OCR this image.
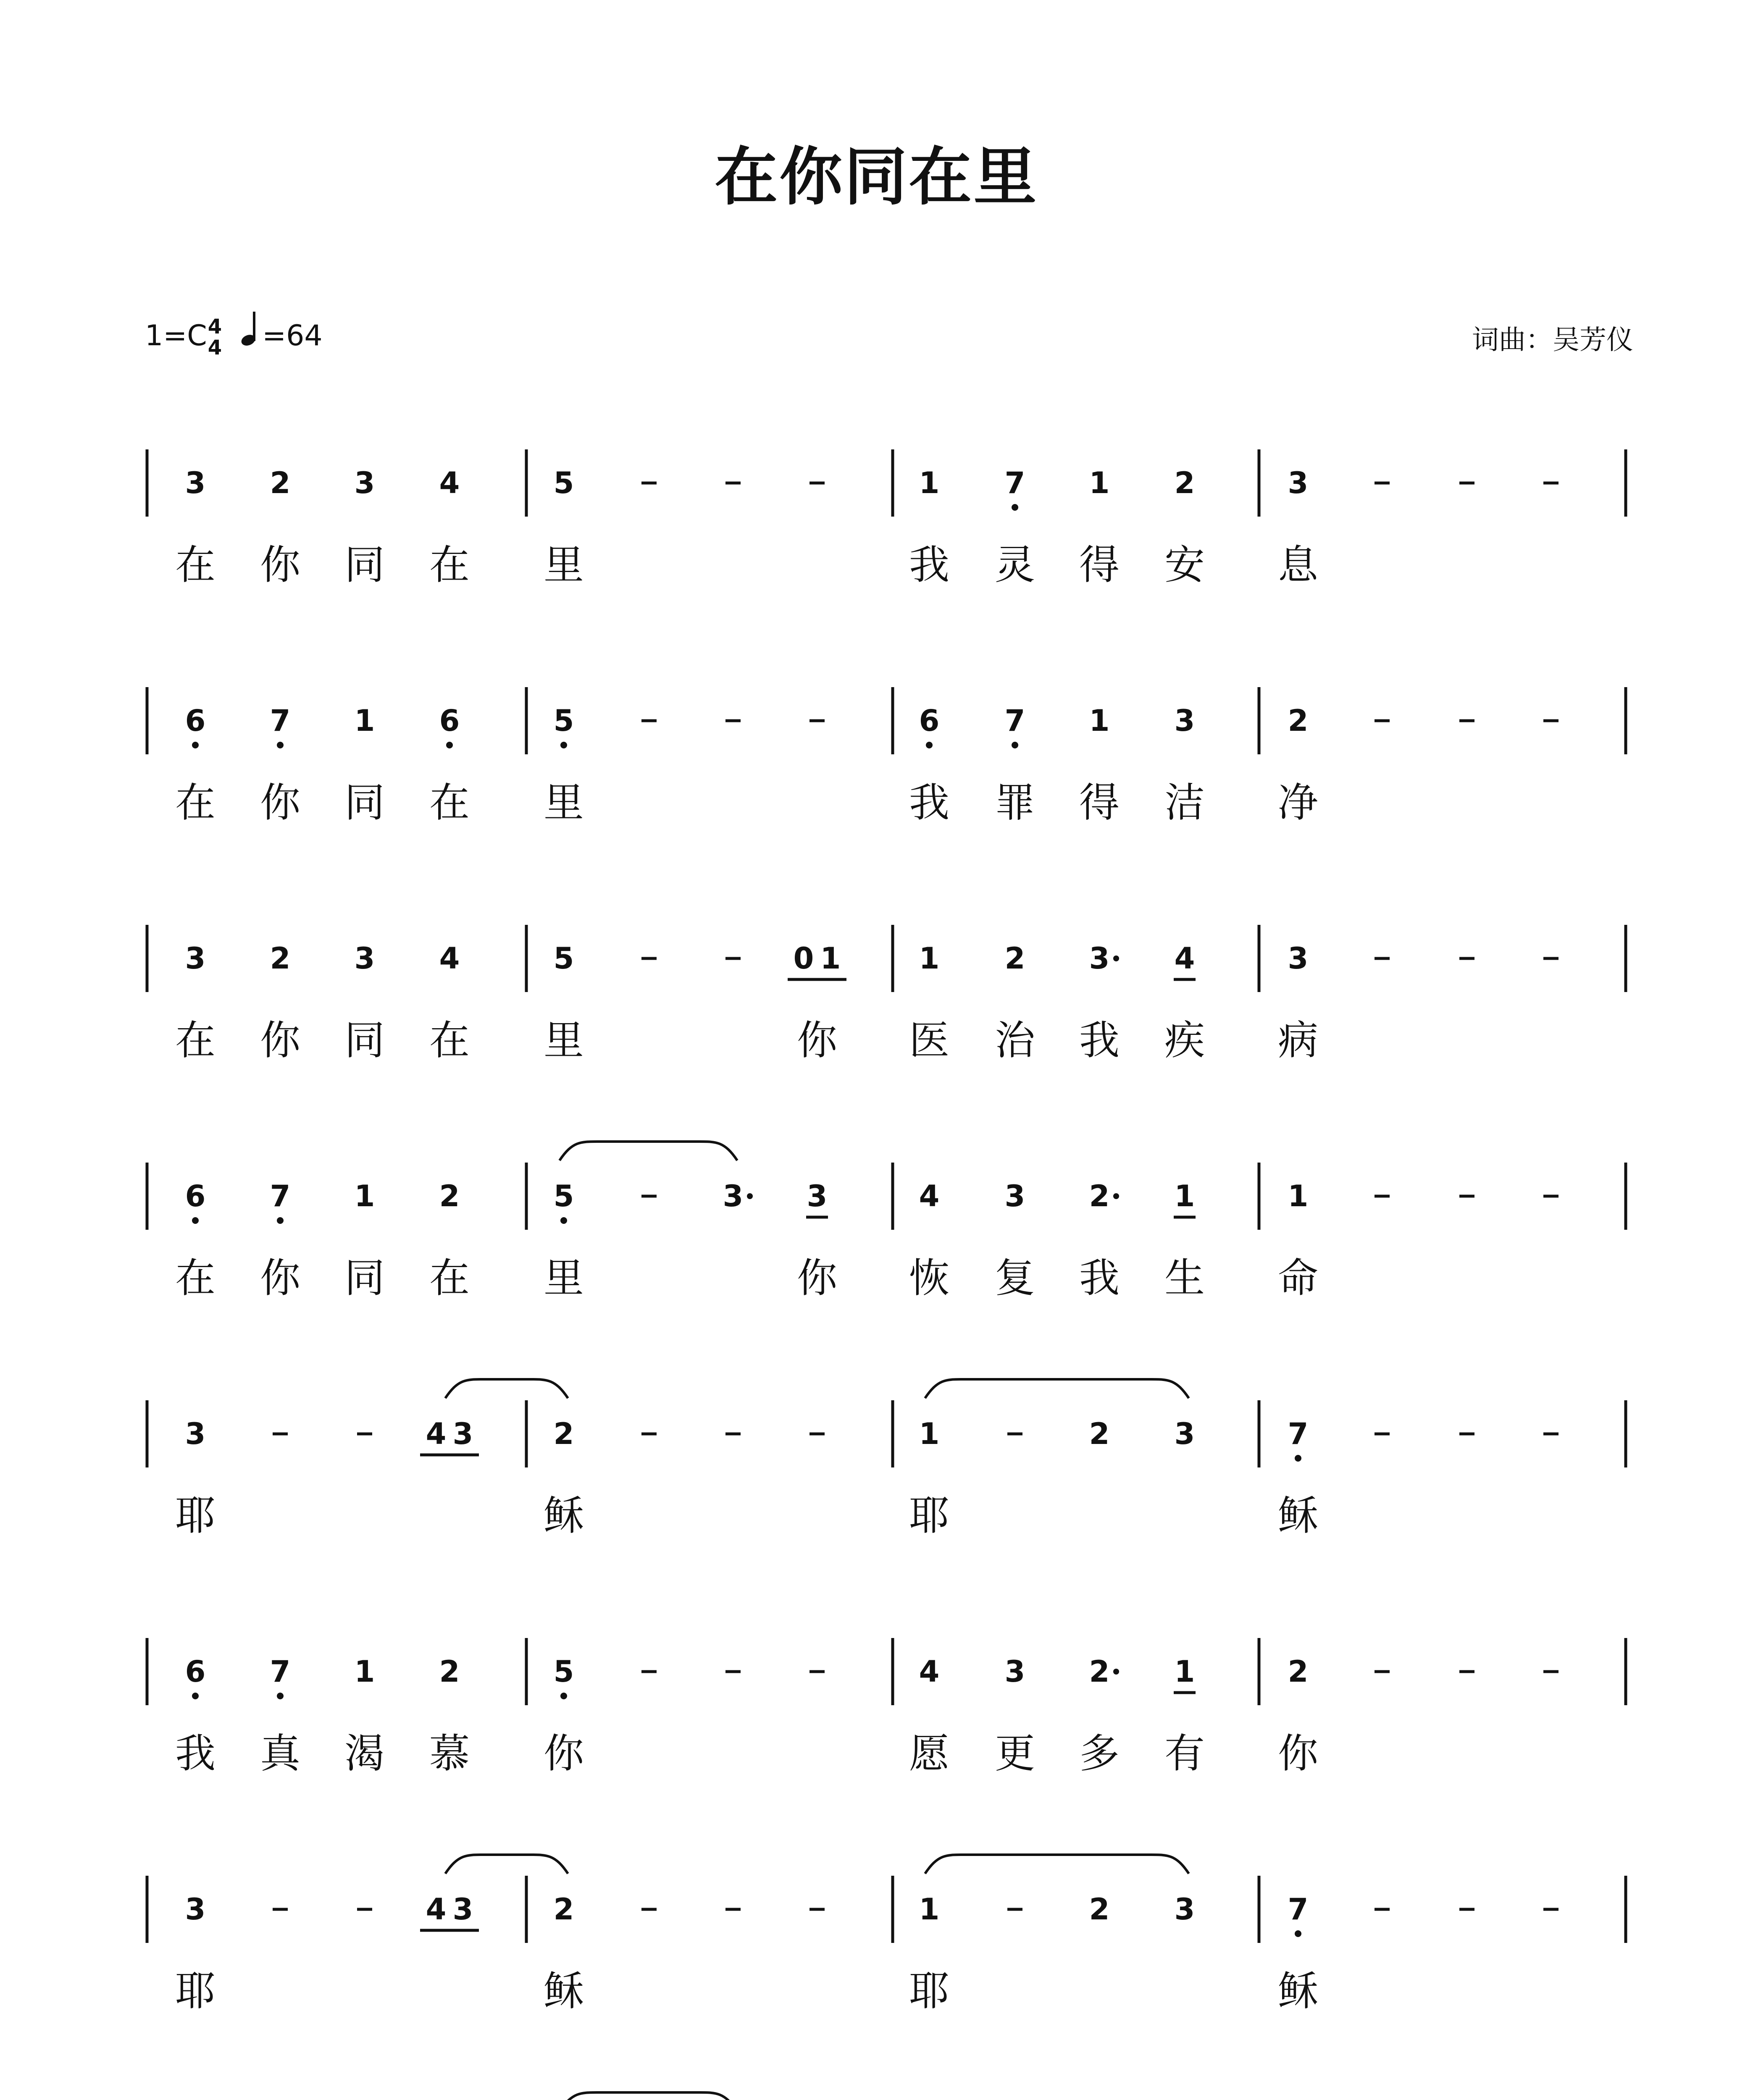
在你同在里
1=C4
4 =64	词曲：吴芳仪
3 2 3 4	5	1 7 1 2	3
在 你 同 在 里	我 灵 得 安 息
6 7 1 6	5	6 7 1 3	2
在 你 同 在 里	我 罪 得 洁 净
3 2 3 4	5	0 1	1 2 3 4	3
在 你 同 在 里	你 医 治 我 疾 病
6 7 1 2	5	3 3	4 3 2 1	1
在 你 同 在 里	你 恢 复 我 生 命
3	4 3	2	1	2 3	7
耶	稣	耶	稣
6 7 1 2	5	4 3 2 1	2
我 真 渴 慕 你	愿 更 多 有 你
3	4 3	2	1	2 3	7
耶	稣	耶	稣
